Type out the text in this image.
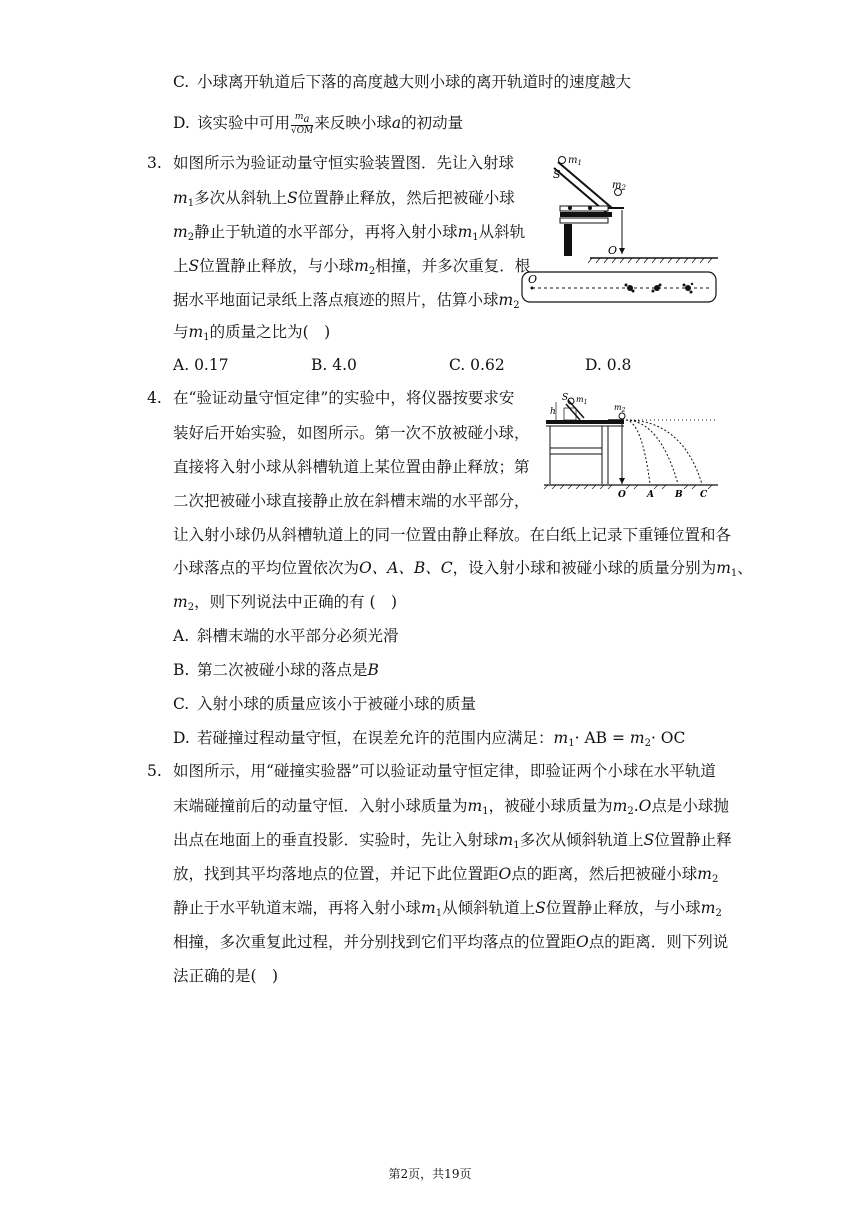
C. 小球离开轨道后下落的高度越大则小球的离开轨道时的速度越大
D. 该实验中可用 $\frac{m_a}{√OM}$ 来反映小球a的初动量
3. 如图所示为验证动量守恒实验装置图．先让入射球
$m_1$多次从斜轨上S位置静止释放，然后把被碰小球
$m_2$静止于轨道的水平部分，再将入射小球$m_1$从斜轨
上S位置静止释放，与小球$m_2$相撞，并多次重复．根
据水平地面记录纸上落点痕迹的照片，估算小球$m_2$
与$m_1$的质量之比为(　)
A. 0.17	B. 4.0	C. 0.62	D. 0.8
$m_1$
S
$m_2$
O
O
4. 在“验证动量守恒定律”的实验中，将仪器按要求安
装好后开始实验，如图所示。第一次不放被碰小球，
直接将入射小球从斜槽轨道上某位置由静止释放；第
二次把被碰小球直接静止放在斜槽末端的水平部分，
让入射小球仍从斜槽轨道上的同一位置由静止释放。在白纸上记录下重锤位置和各
小球落点的平均位置依次为O、A、B、C，设入射小球和被碰小球的质量分别为$m_1$、
$m_2$，则下列说法中正确的有 (　)
A. 斜槽末端的水平部分必须光滑
B. 第二次被碰小球的落点是B
C. 入射小球的质量应该小于被碰小球的质量
D. 若碰撞过程动量守恒，在误差允许的范围内应满足：$m_1\cdot$ AB = $m_2\cdot$ OC
S
h
$m_1$
$m_2$
O A B C
5. 如图所示，用“碰撞实验器”可以验证动量守恒定律，即验证两个小球在水平轨道
末端碰撞前后的动量守恒．入射小球质量为$m_1$，被碰小球质量为$m_2.O$点是小球抛
出点在地面上的垂直投影．实验时，先让入射球$m_1$多次从倾斜轨道上S位置静止释
放，找到其平均落地点的位置，并记下此位置距O点的距离，然后把被碰小球$m_2$
静止于水平轨道末端，再将入射小球$m_1$从倾斜轨道上S位置静止释放，与小球$m_2$
相撞，多次重复此过程，并分别找到它们平均落点的位置距O点的距离．则下列说
法正确的是(　)
第2页，共19页
